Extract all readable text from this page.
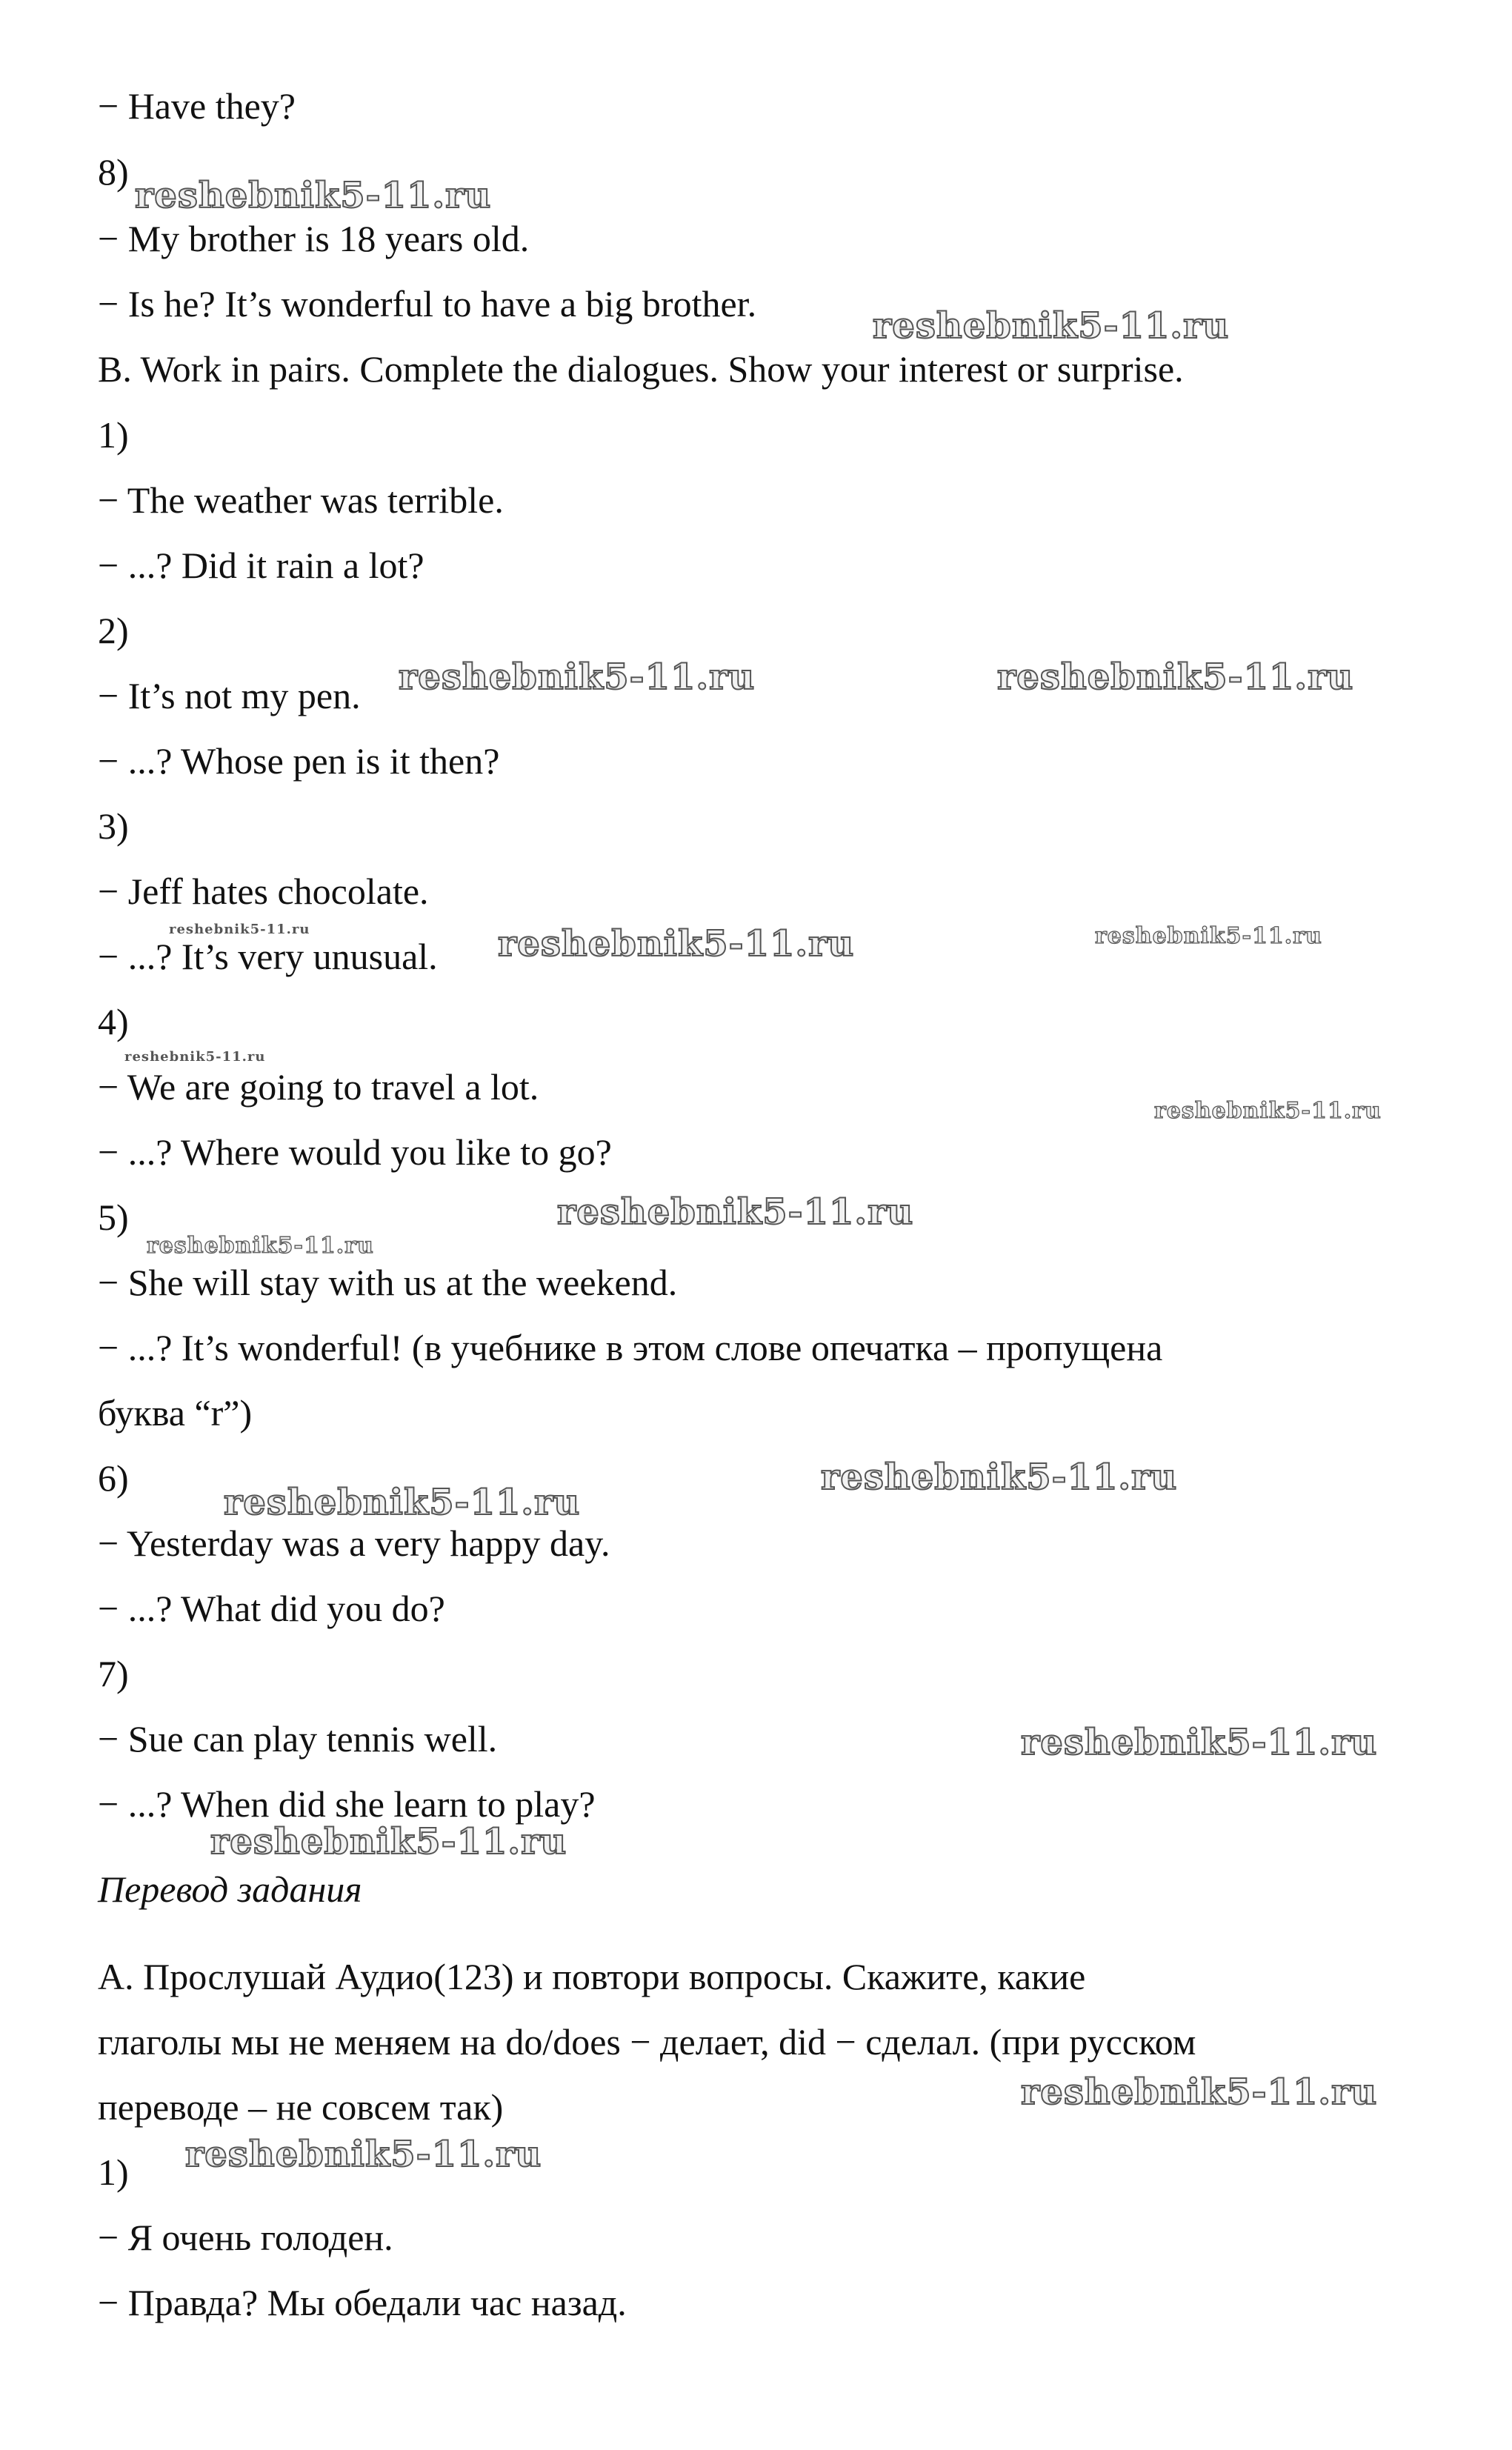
− Have they?
8)
− My brother is 18 years old.
− Is he? It’s wonderful to have a big brother.
B. Work in pairs. Complete the dialogues. Show your interest or surprise.
1)
− The weather was terrible.
− ...? Did it rain a lot?
2)
− It’s not my pen.
− ...? Whose pen is it then?
3)
− Jeff hates chocolate.
− ...? It’s very unusual.
4)
− We are going to travel a lot.
− ...? Where would you like to go?
5)
− She will stay with us at the weekend.
− ...? It’s wonderful! (в учебнике в этом слове опечатка – пропущена
буква “r”)
6)
− Yesterday was a very happy day.
− ...? What did you do?
7)
− Sue can play tennis well.
− ...? When did she learn to play?
Перевод задания
А. Прослушай Аудио(123) и повтори вопросы. Скажите, какие
глаголы мы не меняем на do/does − делает, did − сделал. (при русском
переводе – не совсем так)
1)
− Я очень голоден.
− Правда? Мы обедали час назад.
reshebnik5-11.ru
reshebnik5-11.ru
reshebnik5-11.ru	reshebnik5-11.ru
reshebnik5-11.ru	reshebnik5-11.ru	reshebnik5-11.ru
reshebnik5-11.ru
reshebnik5-11.ru
reshebnik5-11.ru
reshebnik5-11.ru
reshebnik5-11.ru
reshebnik5-11.ru
reshebnik5-11.ru
reshebnik5-11.ru
reshebnik5-11.ru
reshebnik5-11.ru
